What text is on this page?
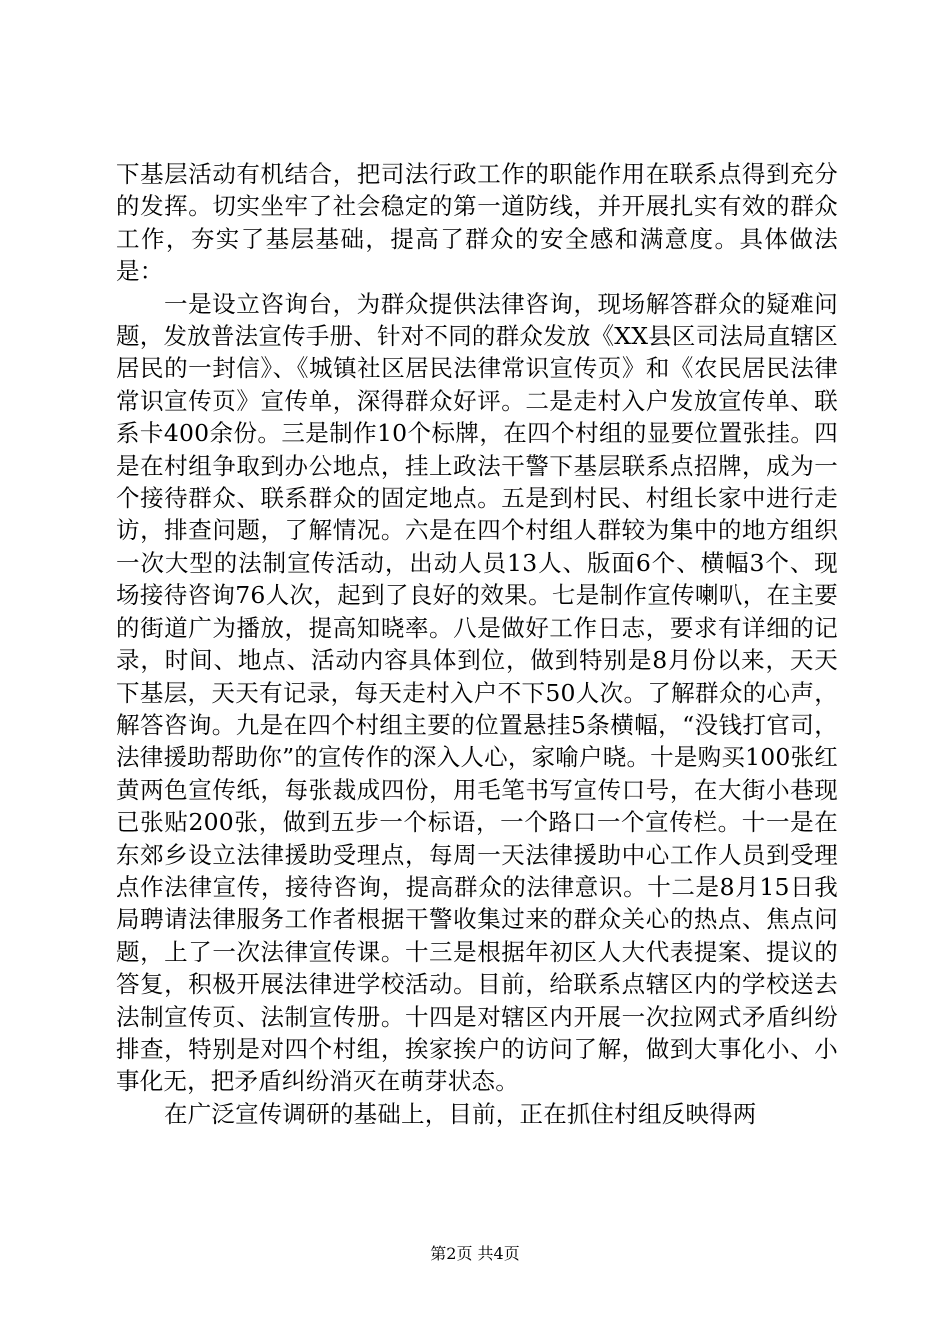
下基层活动有机结合，把司法行政工作的职能作用在联系点得到充分的发挥。切实坐牢了社会稳定的第一道防线，并开展扎实有效的群众工作，夯实了基层基础，提高了群众的安全感和满意度。具体做法是：

一是设立咨询台，为群众提供法律咨询，现场解答群众的疑难问题，发放普法宣传手册、针对不同的群众发放《XX县区司法局直辖区居民的一封信》、《城镇社区居民法律常识宣传页》和《农民居民法律常识宣传页》宣传单，深得群众好评。二是走村入户发放宣传单、联系卡400余份。三是制作10个标牌，在四个村组的显要位置张挂。四是在村组争取到办公地点，挂上政法干警下基层联系点招牌，成为一个接待群众、联系群众的固定地点。五是到村民、村组长家中进行走访，排查问题，了解情况。六是在四个村组人群较为集中的地方组织一次大型的法制宣传活动，出动人员13人、版面6个、横幅3个、现场接待咨询76人次，起到了良好的效果。七是制作宣传喇叭，在主要的街道广为播放，提高知晓率。八是做好工作日志，要求有详细的记录，时间、地点、活动内容具体到位，做到特别是8月份以来，天天下基层，天天有记录，每天走村入户不下50人次。了解群众的心声，解答咨询。九是在四个村组主要的位置悬挂5条横幅，“没钱打官司，法律援助帮助你”的宣传作的深入人心，家喻户晓。十是购买100张红黄两色宣传纸，每张裁成四份，用毛笔书写宣传口号，在大街小巷现已张贴200张，做到五步一个标语，一个路口一个宣传栏。十一是在东郊乡设立法律援助受理点，每周一天法律援助中心工作人员到受理点作法律宣传，接待咨询，提高群众的法律意识。十二是8月15日我局聘请法律服务工作者根据干警收集过来的群众关心的热点、焦点问题，上了一次法律宣传课。十三是根据年初区人大代表提案、提议的答复，积极开展法律进学校活动。目前，给联系点辖区内的学校送去法制宣传页、法制宣传册。十四是对辖区内开展一次拉网式矛盾纠纷排查，特别是对四个村组，挨家挨户的访问了解，做到大事化小、小事化无，把矛盾纠纷消灭在萌芽状态。

在广泛宣传调研的基础上，目前，正在抓住村组反映得两

第2页 共4页
